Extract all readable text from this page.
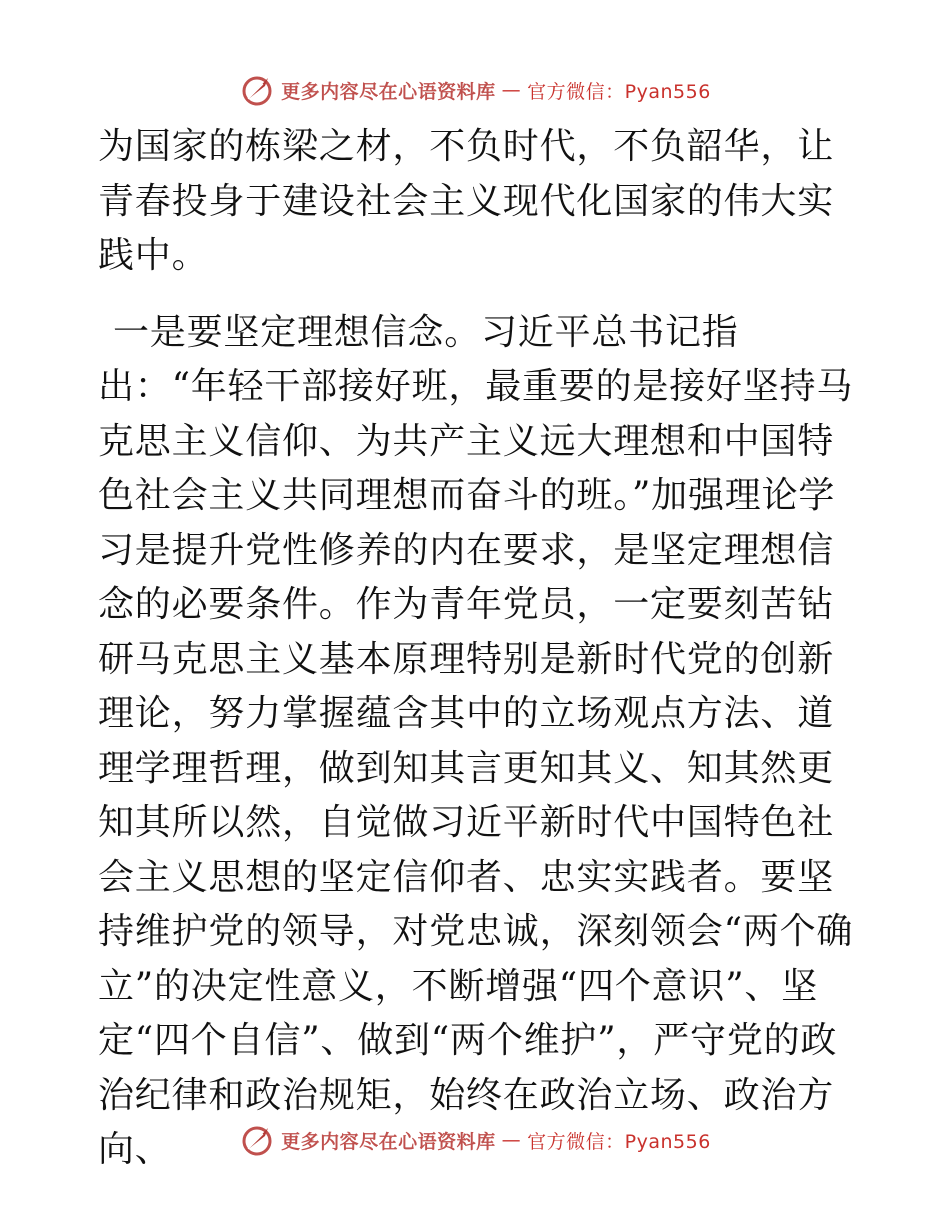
更多内容尽在心语资料库 — 官方微信：Pyan556

为国家的栋梁之材，不负时代，不负韶华，让青春投身于建设社会主义现代化国家的伟大实践中。

一是要坚定理想信念。习近平总书记指出：“年轻干部接好班，最重要的是接好坚持马克思主义信仰、为共产主义远大理想和中国特色社会主义共同理想而奋斗的班。”加强理论学习是提升党性修养的内在要求，是坚定理想信念的必要条件。作为青年党员，一定要刻苦钻研马克思主义基本原理特别是新时代党的创新理论，努力掌握蕴含其中的立场观点方法、道理学理哲理，做到知其言更知其义、知其然更知其所以然，自觉做习近平新时代中国特色社会主义思想的坚定信仰者、忠实实践者。要坚持维护党的领导，对党忠诚，深刻领会“两个确立”的决定性意义，不断增强“四个意识”、坚定“四个自信”、做到“两个维护”，严守党的政治纪律和政治规矩，始终在政治立场、政治方向、	更多内容尽在心语资料库 — 官方微信：Pyan556
